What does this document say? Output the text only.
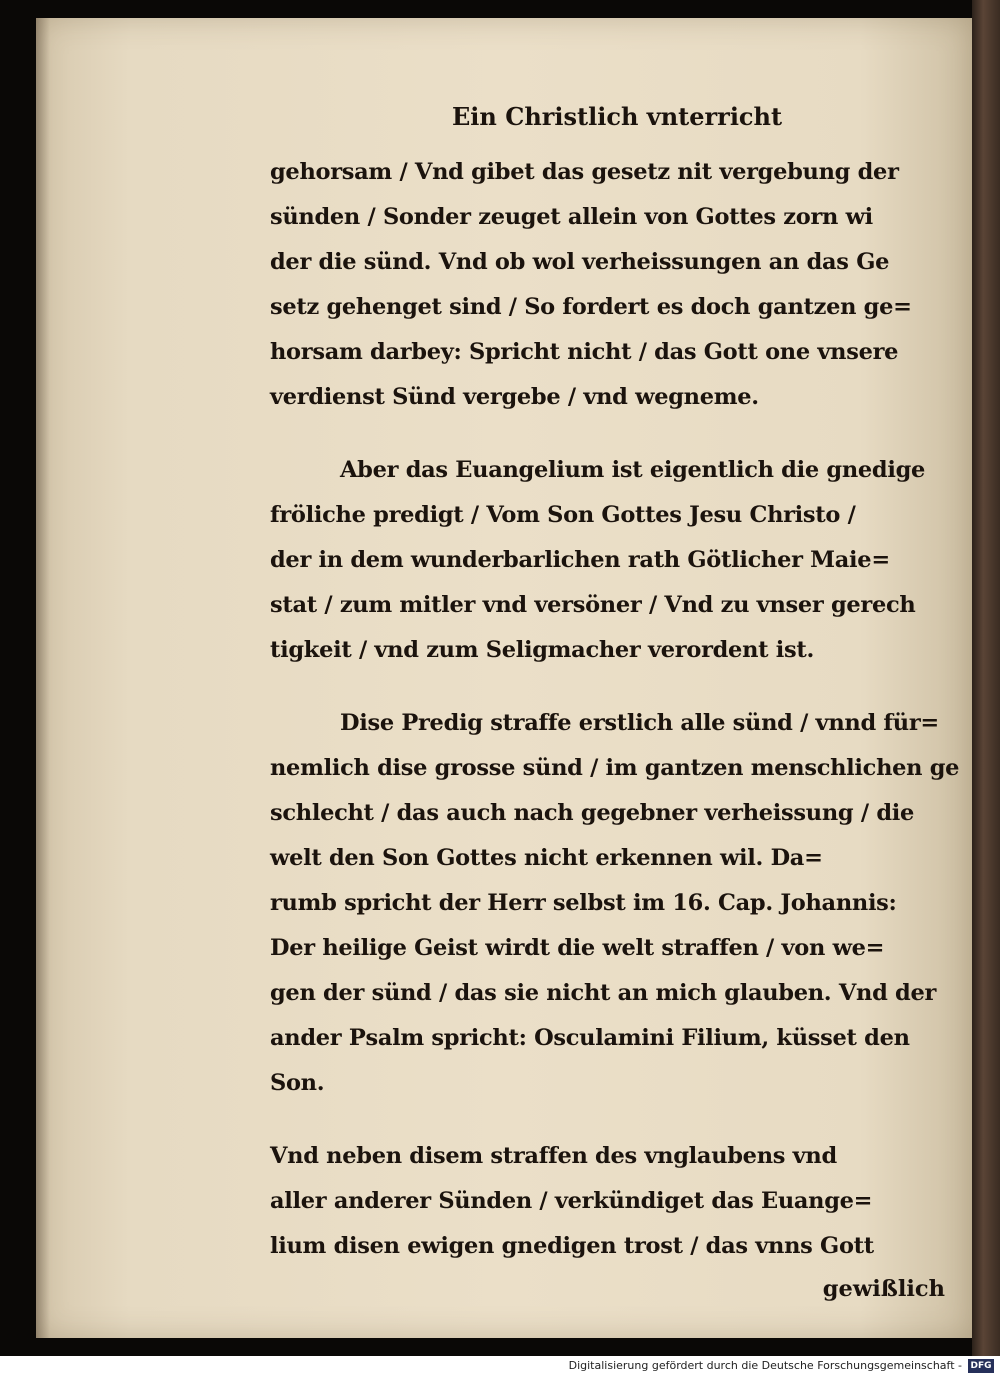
Ein Christlich vnterricht
gehorsam / Vnd gibet das gesetz nit vergebung der
sünden / Sonder zeuget allein von Gottes zorn wi
der die sünd. Vnd ob wol verheissungen an das Ge
setz gehenget sind / So fordert es doch gantzen ge=
horsam darbey: Spricht nicht / das Gott one vnsere
verdienst Sünd vergebe / vnd wegneme.
Aber das Euangelium ist eigentlich die gnedige
fröliche predigt / Vom Son Gottes Jesu Christo /
der in dem wunderbarlichen rath Götlicher Maie=
stat / zum mitler vnd versöner / Vnd zu vnser gerech
tigkeit / vnd zum Seligmacher verordent ist.
Dise Predig straffe erstlich alle sünd / vnnd für=
nemlich dise grosse sünd / im gantzen menschlichen ge
schlecht / das auch nach gegebner verheissung / die
welt den Son Gottes nicht erkennen wil. Da=
rumb spricht der Herr selbst im 16. Cap. Johannis:
Der heilige Geist wirdt die welt straffen / von we=
gen der sünd / das sie nicht an mich glauben. Vnd der
ander Psalm spricht: Osculamini Filium, küsset den
Son.
Vnd neben disem straffen des vnglaubens vnd
aller anderer Sünden / verkündiget das Euange=
lium disen ewigen gnedigen trost / das vnns Gott
gewißlich
Digitalisierung gefördert durch die Deutsche Forschungsgemeinschaft - DFG
